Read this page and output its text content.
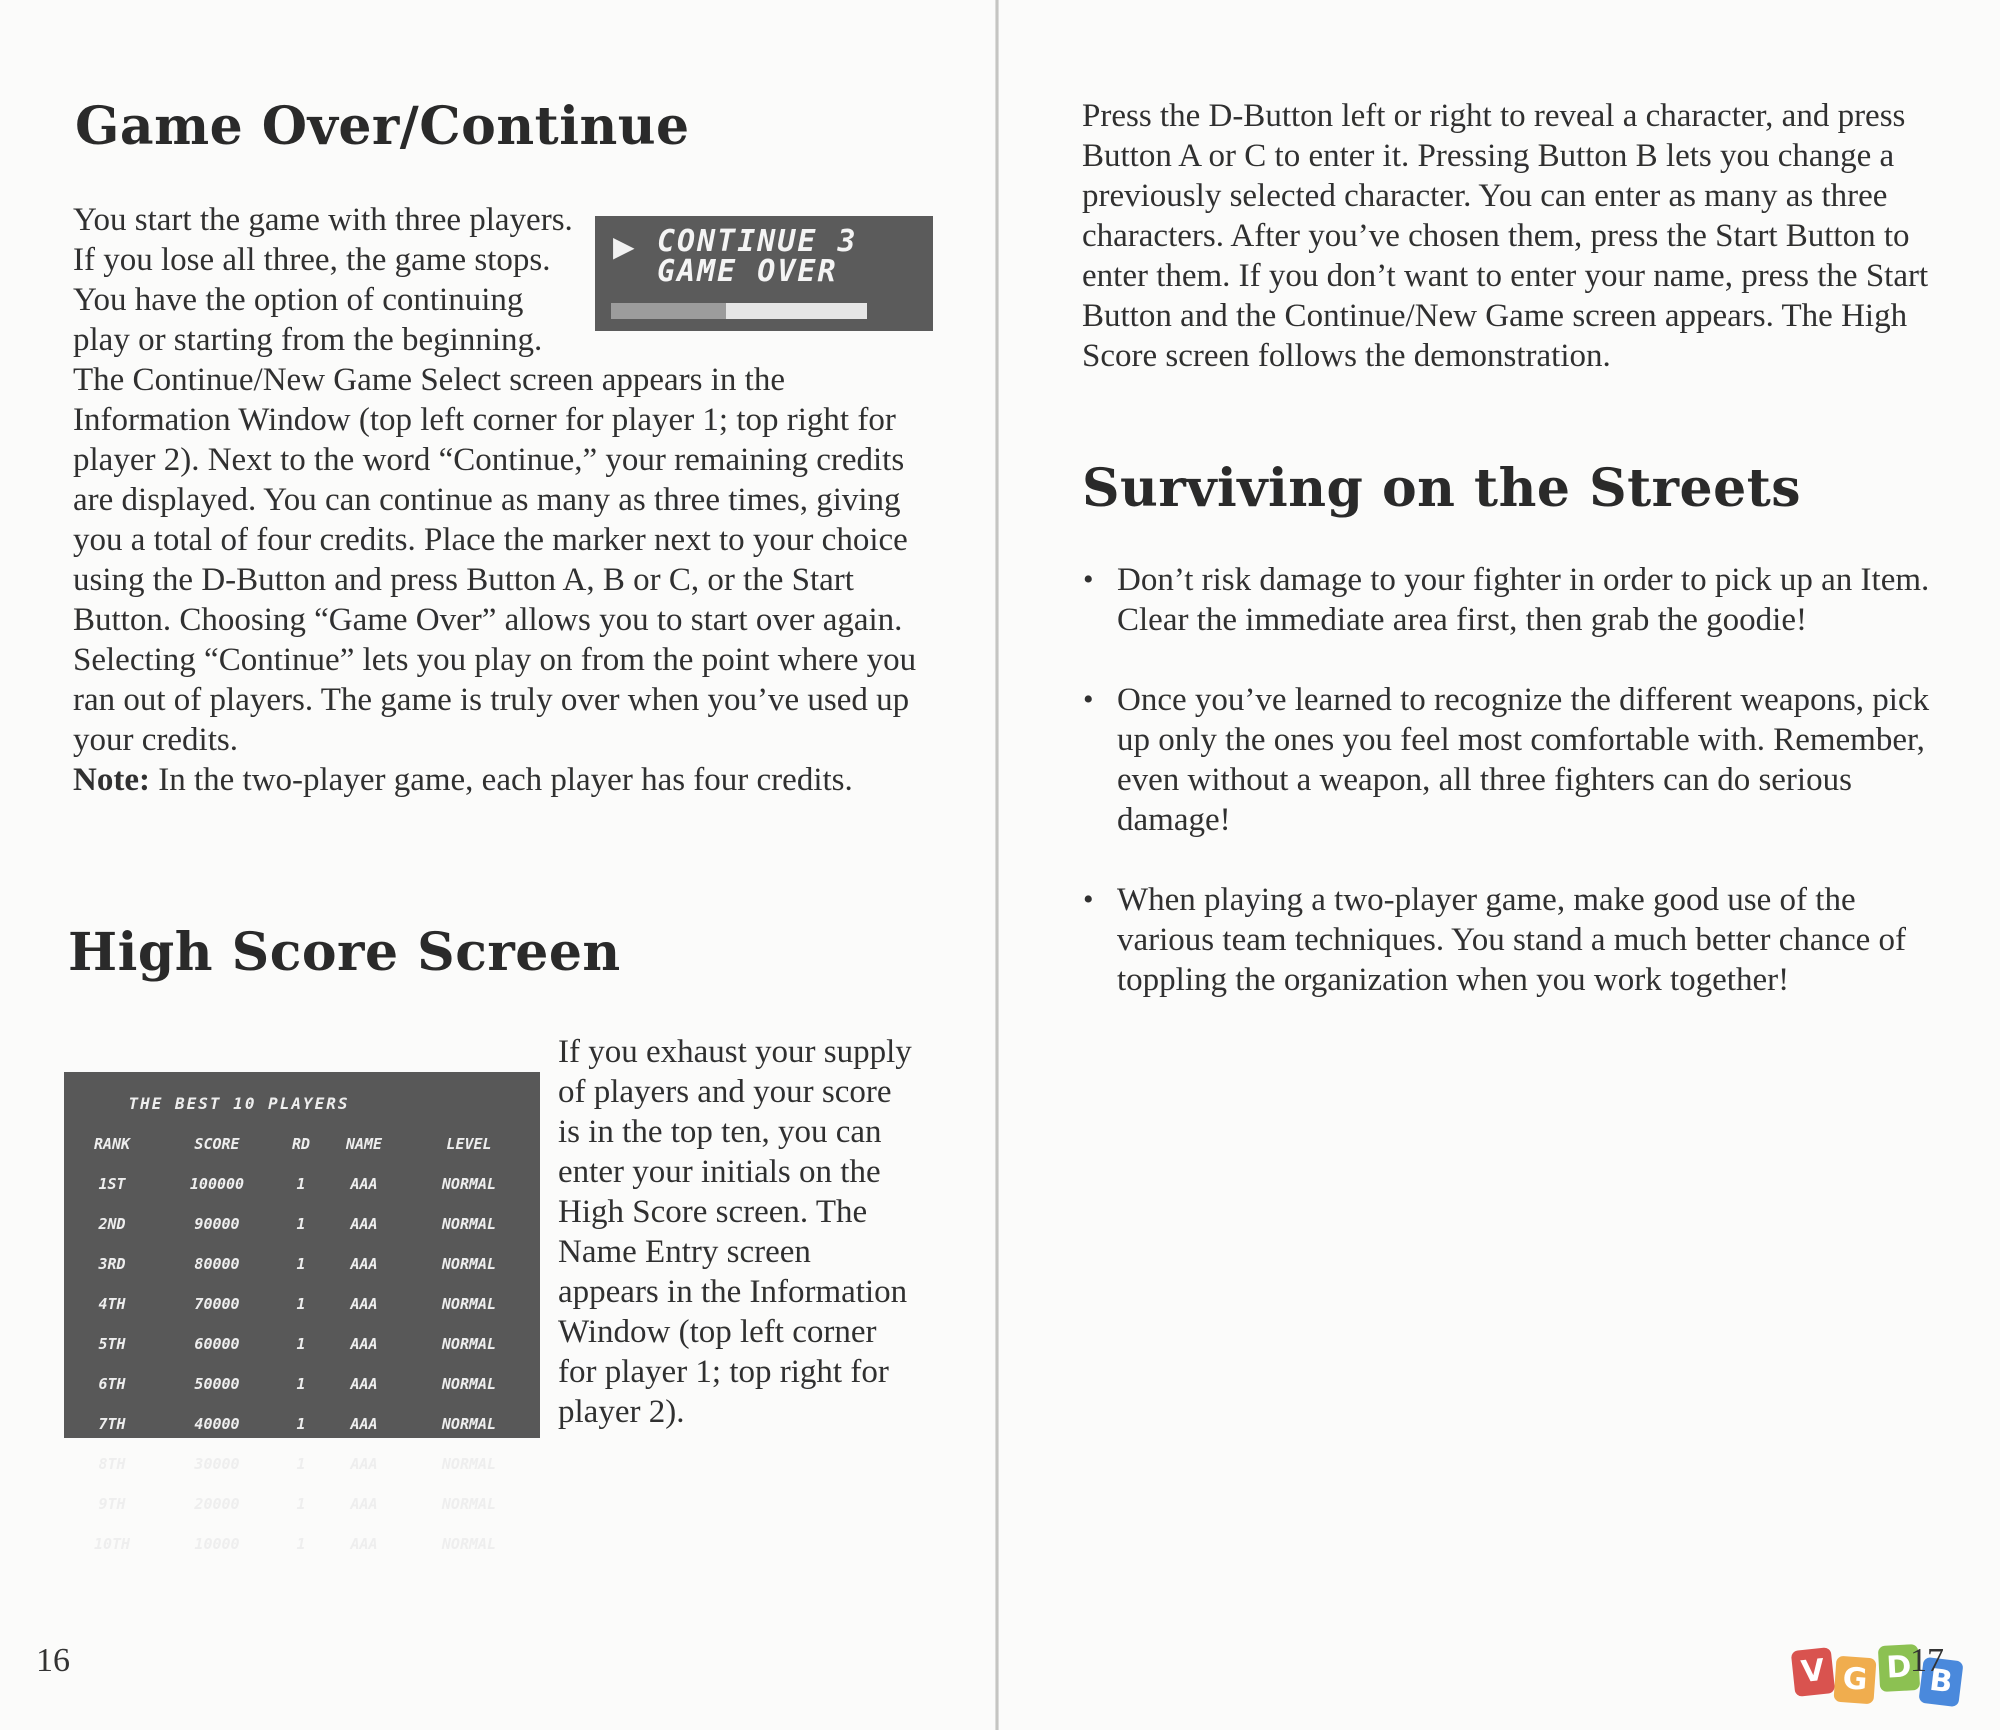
Game Over/Continue
▶ CONTINUE 3
GAME OVER
You start the game with three players. If you lose all three, the game stops. You have the option of continuing play or starting from the beginning. The Continue/New Game Select screen appears in the Information Window (top left corner for player 1; top right for player 2). Next to the word “Continue,” your remaining credits are displayed. You can continue as many as three times, giving you a total of four credits. Place the marker next to your choice using the D-Button and press Button A, B or C, or the Start Button. Choosing “Game Over” allows you to start over again. Selecting “Continue” lets you play on from the point where you ran out of players. The game is truly over when you’ve used up your credits.
Note: In the two-player game, each player has four credits.
High Score Screen
THE BEST 10 PLAYERS
RANK	SCORE	RD	NAME	LEVEL
1ST	100000	1	AAA	NORMAL
2ND	90000	1	AAA	NORMAL
3RD	80000	1	AAA	NORMAL
4TH	70000	1	AAA	NORMAL
5TH	60000	1	AAA	NORMAL
6TH	50000	1	AAA	NORMAL
7TH	40000	1	AAA	NORMAL
8TH	30000	1	AAA	NORMAL
9TH	20000	1	AAA	NORMAL
10TH	10000	1	AAA	NORMAL
If you exhaust your supply of players and your score is in the top ten, you can enter your initials on the High Score screen. The Name Entry screen appears in the Information Window (top left corner for player 1; top right for player 2).
16
Press the D-Button left or right to reveal a character, and press Button A or C to enter it. Pressing Button B lets you change a previously selected character. You can enter as many as three characters. After you’ve chosen them, press the Start Button to enter them. If you don’t want to enter your name, press the Start Button and the Continue/New Game screen appears. The High Score screen follows the demonstration.
Surviving on the Streets
• Don’t risk damage to your fighter in order to pick up an Item. Clear the immediate area first, then grab the goodie!
• Once you’ve learned to recognize the different weapons, pick up only the ones you feel most comfortable with. Remember, even without a weapon, all three fighters can do serious damage!
• When playing a two-player game, make good use of the various team techniques. You stand a much better chance of toppling the organization when you work together!
V G D B
17
